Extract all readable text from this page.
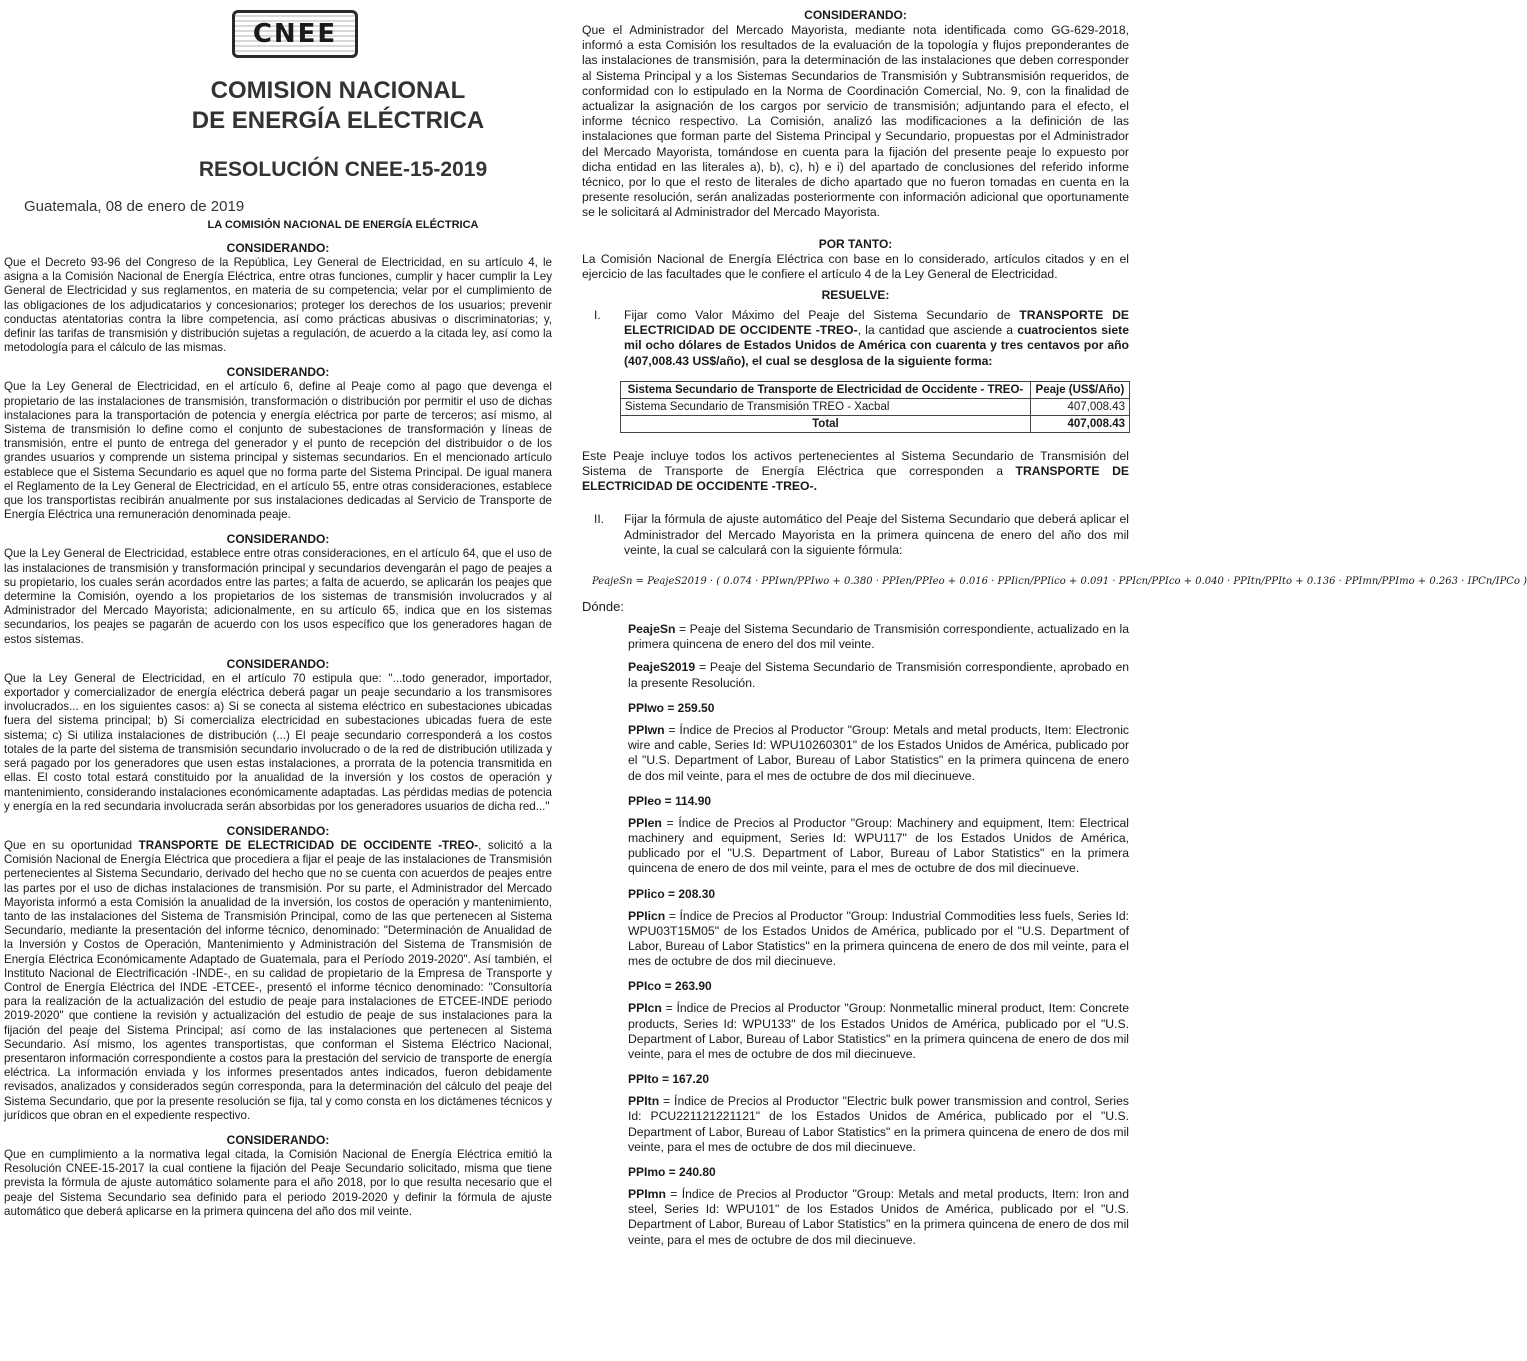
CNEE
COMISION NACIONAL
DE ENERGÍA ELÉCTRICA
RESOLUCIÓN CNEE-15-2019
Guatemala, 08 de enero de 2019
LA COMISIÓN NACIONAL DE ENERGÍA ELÉCTRICA
CONSIDERANDO:

Que el Decreto 93-96 del Congreso de la República, Ley General de Electricidad, en su artículo 4, le asigna a la Comisión Nacional de Energía Eléctrica, entre otras funciones, cumplir y hacer cumplir la Ley General de Electricidad y sus reglamentos, en materia de su competencia; velar por el cumplimiento de las obligaciones de los adjudicatarios y concesionarios; proteger los derechos de los usuarios; prevenir conductas atentatorias contra la libre competencia, así como prácticas abusivas o discriminatorias; y, definir las tarifas de transmisión y distribución sujetas a regulación, de acuerdo a la citada ley, así como la metodología para el cálculo de las mismas.

CONSIDERANDO:

Que la Ley General de Electricidad, en el artículo 6, define al Peaje como al pago que devenga el propietario de las instalaciones de transmisión, transformación o distribución por permitir el uso de dichas instalaciones para la transportación de potencia y energía eléctrica por parte de terceros; así mismo, al Sistema de transmisión lo define como el conjunto de subestaciones de transformación y líneas de transmisión, entre el punto de entrega del generador y el punto de recepción del distribuidor o de los grandes usuarios y comprende un sistema principal y sistemas secundarios. En el mencionado artículo establece que el Sistema Secundario es aquel que no forma parte del Sistema Principal. De igual manera el Reglamento de la Ley General de Electricidad, en el artículo 55, entre otras consideraciones, establece que los transportistas recibirán anualmente por sus instalaciones dedicadas al Servicio de Transporte de Energía Eléctrica una remuneración denominada peaje.

CONSIDERANDO:

Que la Ley General de Electricidad, establece entre otras consideraciones, en el artículo 64, que el uso de las instalaciones de transmisión y transformación principal y secundarios devengarán el pago de peajes a su propietario, los cuales serán acordados entre las partes; a falta de acuerdo, se aplicarán los peajes que determine la Comisión, oyendo a los propietarios de los sistemas de transmisión involucrados y al Administrador del Mercado Mayorista; adicionalmente, en su artículo 65, indica que en los sistemas secundarios, los peajes se pagarán de acuerdo con los usos específico que los generadores hagan de estos sistemas.

CONSIDERANDO:

Que la Ley General de Electricidad, en el artículo 70 estipula que: "...todo generador, importador, exportador y comercializador de energía eléctrica deberá pagar un peaje secundario a los transmisores involucrados... en los siguientes casos: a) Si se conecta al sistema eléctrico en subestaciones ubicadas fuera del sistema principal; b) Si comercializa electricidad en subestaciones ubicadas fuera de este sistema; c) Si utiliza instalaciones de distribución (...) El peaje secundario corresponderá a los costos totales de la parte del sistema de transmisión secundario involucrado o de la red de distribución utilizada y será pagado por los generadores que usen estas instalaciones, a prorrata de la potencia transmitida en ellas. El costo total estará constituido por la anualidad de la inversión y los costos de operación y mantenimiento, considerando instalaciones económicamente adaptadas. Las pérdidas medias de potencia y energía en la red secundaria involucrada serán absorbidas por los generadores usuarios de dicha red..."

CONSIDERANDO:

Que en su oportunidad TRANSPORTE DE ELECTRICIDAD DE OCCIDENTE -TREO-, solicitó a la Comisión Nacional de Energía Eléctrica que procediera a fijar el peaje de las instalaciones de Transmisión pertenecientes al Sistema Secundario, derivado del hecho que no se cuenta con acuerdos de peajes entre las partes por el uso de dichas instalaciones de transmisión. Por su parte, el Administrador del Mercado Mayorista informó a esta Comisión la anualidad de la inversión, los costos de operación y mantenimiento, tanto de las instalaciones del Sistema de Transmisión Principal, como de las que pertenecen al Sistema Secundario, mediante la presentación del informe técnico, denominado: "Determinación de Anualidad de la Inversión y Costos de Operación, Mantenimiento y Administración del Sistema de Transmisión de Energía Eléctrica Económicamente Adaptado de Guatemala, para el Período 2019-2020". Así también, el Instituto Nacional de Electrificación -INDE-, en su calidad de propietario de la Empresa de Transporte y Control de Energía Eléctrica del INDE -ETCEE-, presentó el informe técnico denominado: "Consultoría para la realización de la actualización del estudio de peaje para instalaciones de ETCEE-INDE periodo 2019-2020" que contiene la revisión y actualización del estudio de peaje de sus instalaciones para la fijación del peaje del Sistema Principal; así como de las instalaciones que pertenecen al Sistema Secundario. Así mismo, los agentes transportistas, que conforman el Sistema Eléctrico Nacional, presentaron información correspondiente a costos para la prestación del servicio de transporte de energía eléctrica. La información enviada y los informes presentados antes indicados, fueron debidamente revisados, analizados y considerados según corresponda, para la determinación del cálculo del peaje del Sistema Secundario, que por la presente resolución se fija, tal y como consta en los dictámenes técnicos y jurídicos que obran en el expediente respectivo.

CONSIDERANDO:

Que en cumplimiento a la normativa legal citada, la Comisión Nacional de Energía Eléctrica emitió la Resolución CNEE-15-2017 la cual contiene la fijación del Peaje Secundario solicitado, misma que tiene prevista la fórmula de ajuste automático solamente para el año 2018, por lo que resulta necesario que el peaje del Sistema Secundario sea definido para el periodo 2019-2020 y definir la fórmula de ajuste automático que deberá aplicarse en la primera quincena del año dos mil veinte.

CONSIDERANDO:

Que el Administrador del Mercado Mayorista, mediante nota identificada como GG-629-2018, informó a esta Comisión los resultados de la evaluación de la topología y flujos preponderantes de las instalaciones de transmisión, para la determinación de las instalaciones que deben corresponder al Sistema Principal y a los Sistemas Secundarios de Transmisión y Subtransmisión requeridos, de conformidad con lo estipulado en la Norma de Coordinación Comercial, No. 9, con la finalidad de actualizar la asignación de los cargos por servicio de transmisión; adjuntando para el efecto, el informe técnico respectivo. La Comisión, analizó las modificaciones a la definición de las instalaciones que forman parte del Sistema Principal y Secundario, propuestas por el Administrador del Mercado Mayorista, tomándose en cuenta para la fijación del presente peaje lo expuesto por dicha entidad en las literales a), b), c), h) e i) del apartado de conclusiones del referido informe técnico, por lo que el resto de literales de dicho apartado que no fueron tomadas en cuenta en la presente resolución, serán analizadas posteriormente con información adicional que oportunamente se le solicitará al Administrador del Mercado Mayorista.

POR TANTO:

La Comisión Nacional de Energía Eléctrica con base en lo considerado, artículos citados y en el ejercicio de las facultades que le confiere el artículo 4 de la Ley General de Electricidad.

RESUELVE:
I.	Fijar como Valor Máximo del Peaje del Sistema Secundario de TRANSPORTE DE ELECTRICIDAD DE OCCIDENTE -TREO-, la cantidad que asciende a cuatrocientos siete mil ocho dólares de Estados Unidos de América con cuarenta y tres centavos por año (407,008.43 US$/año), el cual se desglosa de la siguiente forma:

Sistema Secundario de Transporte de Electricidad de Occidente - TREO-	Peaje (US$/Año)
Sistema Secundario de Transmisión TREO - Xacbal	407,008.43
Total	407,008.43

Este Peaje incluye todos los activos pertenecientes al Sistema Secundario de Transmisión del Sistema de Transporte de Energía Eléctrica que corresponden a TRANSPORTE DE ELECTRICIDAD DE OCCIDENTE -TREO-.

II.	Fijar la fórmula de ajuste automático del Peaje del Sistema Secundario que deberá aplicar el Administrador del Mercado Mayorista en la primera quincena de enero del año dos mil veinte, la cual se calculará con la siguiente fórmula:

PeajeSn = PeajeS2019 · ( 0.074 · PPIwn/PPIwo + 0.380 · PPIen/PPIeo + 0.016 · PPIicn/PPIico + 0.091 · PPIcn/PPIco + 0.040 · PPItn/PPIto + 0.136 · PPImn/PPImo + 0.263 · IPCn/IPCo )
Dónde:

PeajeSn = Peaje del Sistema Secundario de Transmisión correspondiente, actualizado en la primera quincena de enero del dos mil veinte.

PeajeS2019 = Peaje del Sistema Secundario de Transmisión correspondiente, aprobado en la presente Resolución.

PPIwo = 259.50

PPIwn = Índice de Precios al Productor "Group: Metals and metal products, Item: Electronic wire and cable, Series Id: WPU10260301" de los Estados Unidos de América, publicado por el "U.S. Department of Labor, Bureau of Labor Statistics" en la primera quincena de enero de dos mil veinte, para el mes de octubre de dos mil diecinueve.

PPIeo = 114.90

PPIen = Índice de Precios al Productor "Group: Machinery and equipment, Item: Electrical machinery and equipment, Series Id: WPU117" de los Estados Unidos de América, publicado por el "U.S. Department of Labor, Bureau of Labor Statistics" en la primera quincena de enero de dos mil veinte, para el mes de octubre de dos mil diecinueve.

PPIico = 208.30

PPIicn = Índice de Precios al Productor "Group: Industrial Commodities less fuels, Series Id: WPU03T15M05" de los Estados Unidos de América, publicado por el "U.S. Department of Labor, Bureau of Labor Statistics" en la primera quincena de enero de dos mil veinte, para el mes de octubre de dos mil diecinueve.

PPIco = 263.90

PPIcn = Índice de Precios al Productor "Group: Nonmetallic mineral product, Item: Concrete products, Series Id: WPU133" de los Estados Unidos de América, publicado por el "U.S. Department of Labor, Bureau of Labor Statistics" en la primera quincena de enero de dos mil veinte, para el mes de octubre de dos mil diecinueve.

PPIto = 167.20

PPItn = Índice de Precios al Productor "Electric bulk power transmission and control, Series Id: PCU221121221121" de los Estados Unidos de América, publicado por el "U.S. Department of Labor, Bureau of Labor Statistics" en la primera quincena de enero de dos mil veinte, para el mes de octubre de dos mil diecinueve.

PPImo = 240.80

PPImn = Índice de Precios al Productor "Group: Metals and metal products, Item: Iron and steel, Series Id: WPU101" de los Estados Unidos de América, publicado por el "U.S. Department of Labor, Bureau of Labor Statistics" en la primera quincena de enero de dos mil veinte, para el mes de octubre de dos mil diecinueve.
